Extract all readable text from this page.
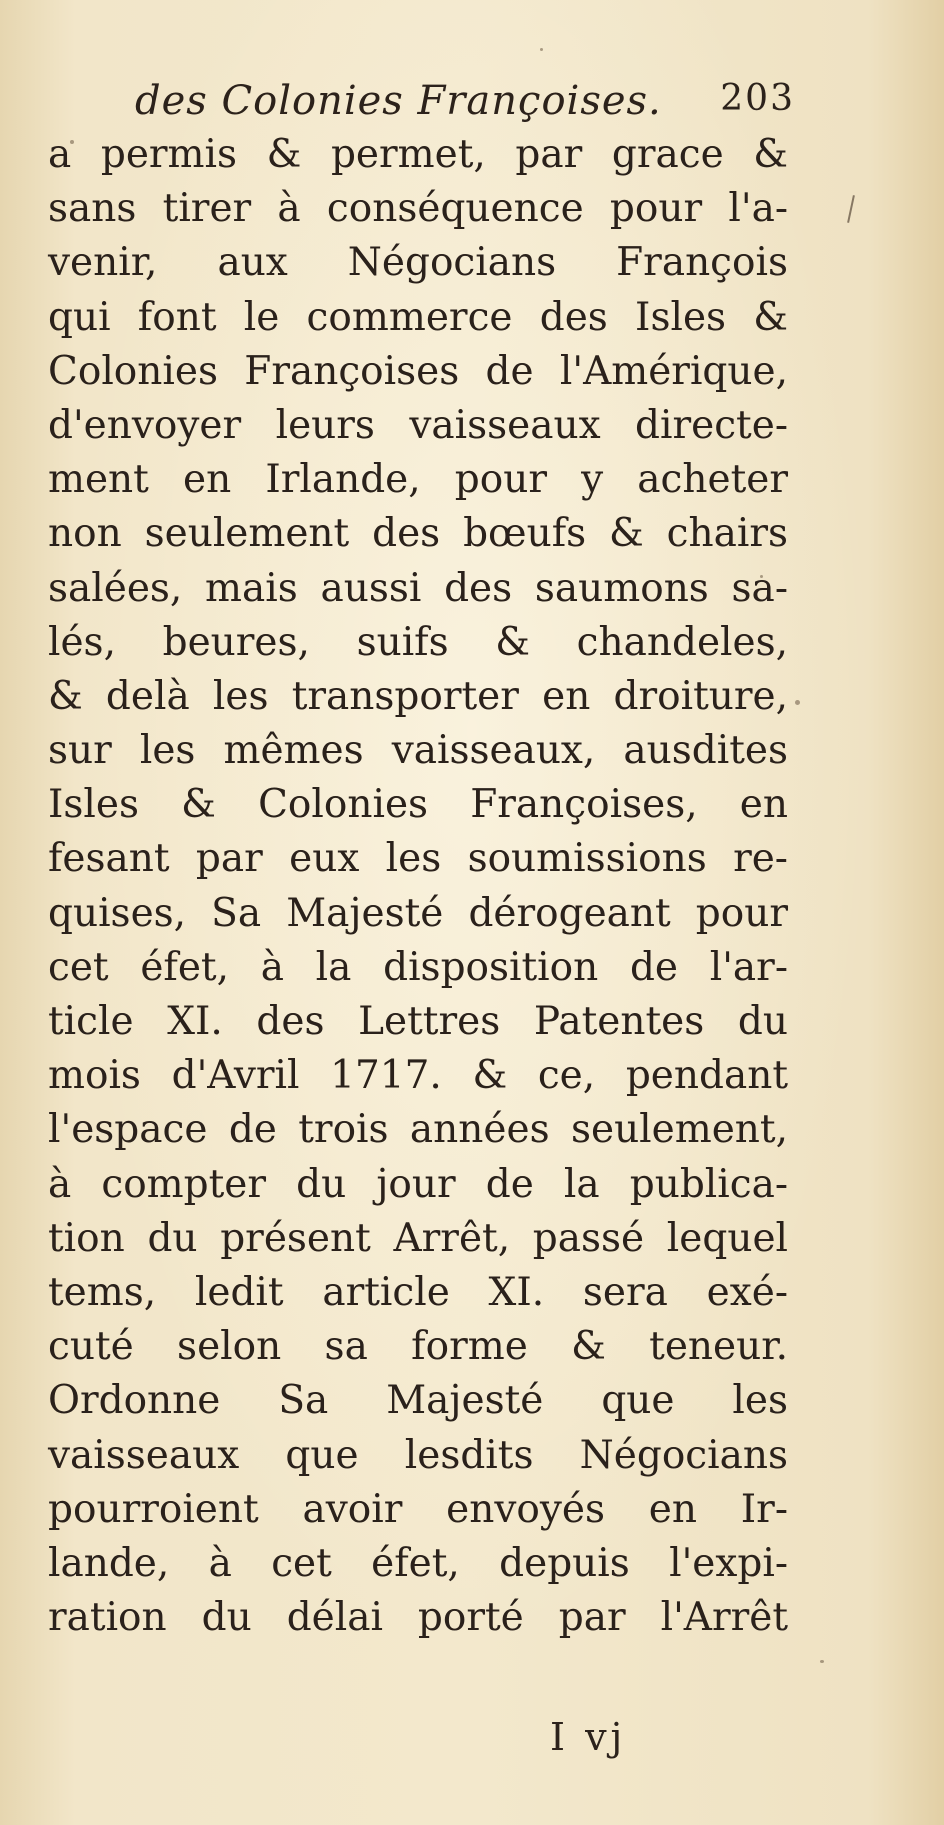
des Colonies Françoises. 203
a permis & permet, par grace &
sans tirer à conséquence pour l'a-
venir, aux Négocians François
qui font le commerce des Isles &
Colonies Françoises de l'Amérique,
d'envoyer leurs vaisseaux directe-
ment en Irlande, pour y acheter
non seulement des bœufs & chairs
salées, mais aussi des saumons sa-
lés, beures, suifs & chandeles,
& delà les transporter en droiture,
sur les mêmes vaisseaux, ausdites
Isles & Colonies Françoises, en
fesant par eux les soumissions re-
quises, Sa Majesté dérogeant pour
cet éfet, à la disposition de l'ar-
ticle XI. des Lettres Patentes du
mois d'Avril 1717. & ce, pendant
l'espace de trois années seulement,
à compter du jour de la publica-
tion du présent Arrêt, passé lequel
tems, ledit article XI. sera exé-
cuté selon sa forme & teneur.
Ordonne Sa Majesté que les
vaisseaux que lesdits Négocians
pourroient avoir envoyés en Ir-
lande, à cet éfet, depuis l'expi-
ration du délai porté par l'Arrêt
I vj
